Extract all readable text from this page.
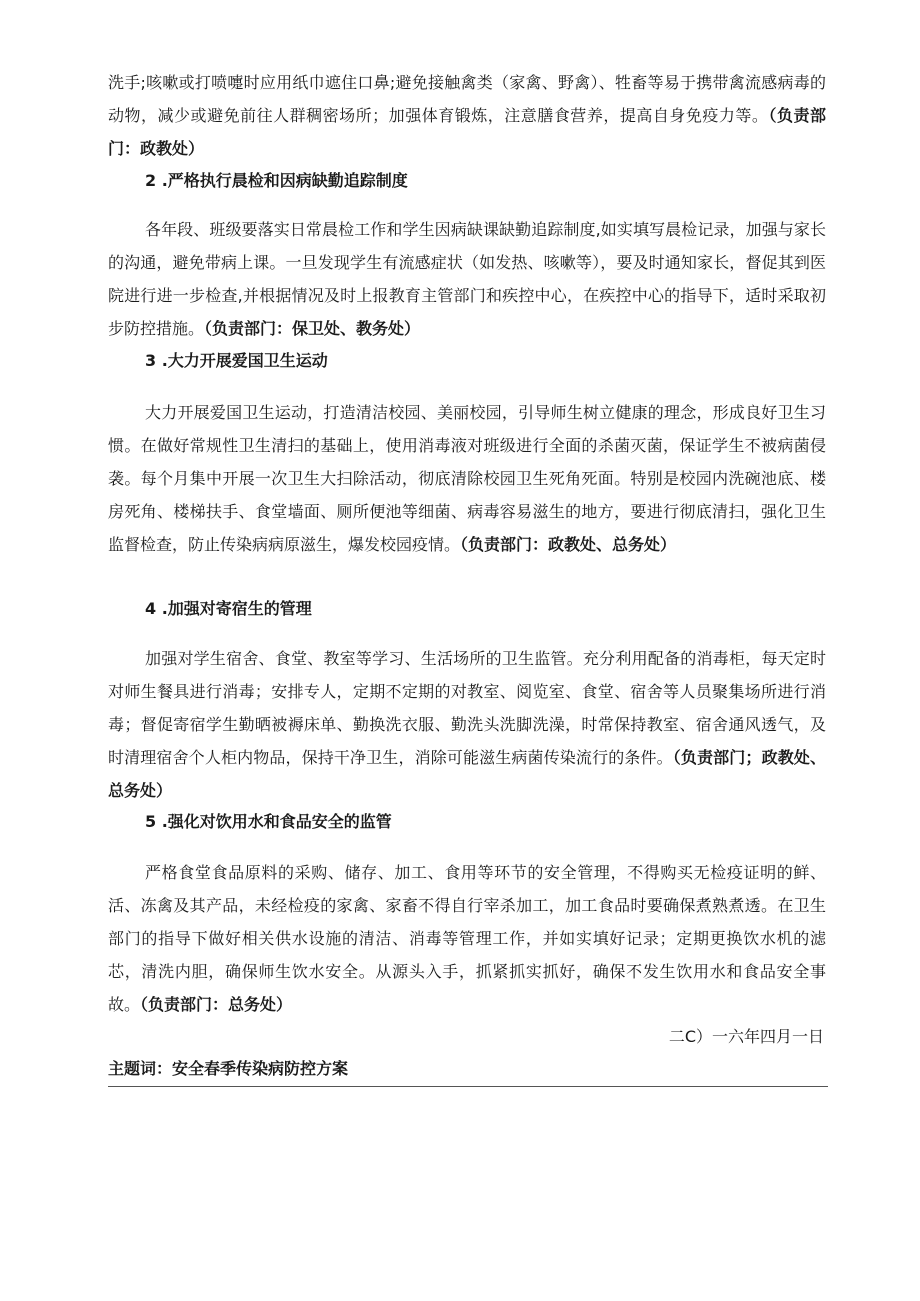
洗手;咳嗽或打喷嚏时应用纸巾遮住口鼻;避免接触禽类（家禽、野禽）、牲畜等易于携带禽流感病毒的动物，减少或避免前往人群稠密场所；加强体育锻炼，注意膳食营养，提高自身免疫力等。（负责部门：政教处）
2 .严格执行晨检和因病缺勤追踪制度
各年段、班级要落实日常晨检工作和学生因病缺课缺勤追踪制度,如实填写晨检记录，加强与家长的沟通，避免带病上课。一旦发现学生有流感症状（如发热、咳嗽等），要及时通知家长，督促其到医院进行进一步检查,并根据情况及时上报教育主管部门和疾控中心，在疾控中心的指导下，适时采取初步防控措施。（负责部门：保卫处、教务处）
3 .大力开展爱国卫生运动
大力开展爱国卫生运动，打造清洁校园、美丽校园，引导师生树立健康的理念，形成良好卫生习惯。在做好常规性卫生清扫的基础上，使用消毒液对班级进行全面的杀菌灭菌，保证学生不被病菌侵袭。每个月集中开展一次卫生大扫除活动，彻底清除校园卫生死角死面。特别是校园内洗碗池底、楼房死角、楼梯扶手、食堂墙面、厕所便池等细菌、病毒容易滋生的地方，要进行彻底清扫，强化卫生监督检查，防止传染病病原滋生，爆发校园疫情。（负责部门：政教处、总务处）
4 .加强对寄宿生的管理
加强对学生宿舍、食堂、教室等学习、生活场所的卫生监管。充分利用配备的消毒柜，每天定时对师生餐具进行消毒；安排专人，定期不定期的对教室、阅览室、食堂、宿舍等人员聚集场所进行消毒；督促寄宿学生勤晒被褥床单、勤换洗衣服、勤洗头洗脚洗澡，时常保持教室、宿舍通风透气，及时清理宿舍个人柜内物品，保持干净卫生，消除可能滋生病菌传染流行的条件。（负责部门；政教处、总务处）
5 .强化对饮用水和食品安全的监管
严格食堂食品原料的采购、储存、加工、食用等环节的安全管理，不得购买无检疫证明的鲜、活、冻禽及其产品，未经检疫的家禽、家畜不得自行宰杀加工，加工食品时要确保煮熟煮透。在卫生部门的指导下做好相关供水设施的清洁、消毒等管理工作，并如实填好记录；定期更换饮水机的滤芯，清洗内胆，确保师生饮水安全。从源头入手，抓紧抓实抓好，确保不发生饮用水和食品安全事故。（负责部门：总务处）
二C）一六年四月一日
主题词：安全春季传染病防控方案
